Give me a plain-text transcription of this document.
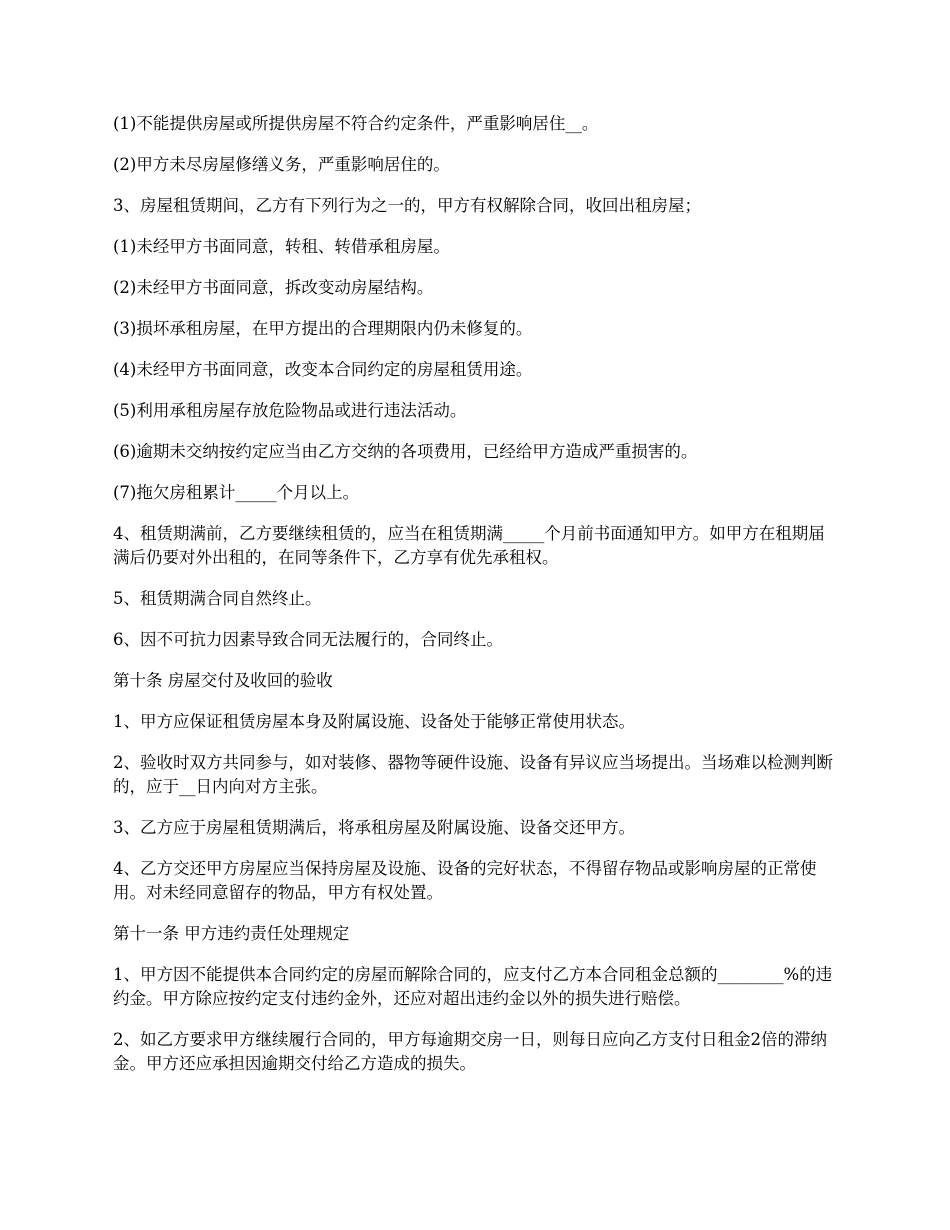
(1)不能提供房屋或所提供房屋不符合约定条件，严重影响居住__。

(2)甲方未尽房屋修缮义务，严重影响居住的。

3、房屋租赁期间，乙方有下列行为之一的，甲方有权解除合同，收回出租房屋；

(1)未经甲方书面同意，转租、转借承租房屋。

(2)未经甲方书面同意，拆改变动房屋结构。

(3)损坏承租房屋，在甲方提出的合理期限内仍未修复的。

(4)未经甲方书面同意，改变本合同约定的房屋租赁用途。

(5)利用承租房屋存放危险物品或进行违法活动。

(6)逾期未交纳按约定应当由乙方交纳的各项费用，已经给甲方造成严重损害的。

(7)拖欠房租累计_____个月以上。

4、租赁期满前，乙方要继续租赁的，应当在租赁期满_____个月前书面通知甲方。如甲方在租期届满后仍要对外出租的，在同等条件下，乙方享有优先承租权。

5、租赁期满合同自然终止。

6、因不可抗力因素导致合同无法履行的，合同终止。

第十条 房屋交付及收回的验收

1、甲方应保证租赁房屋本身及附属设施、设备处于能够正常使用状态。

2、验收时双方共同参与，如对装修、器物等硬件设施、设备有异议应当场提出。当场难以检测判断的，应于__日内向对方主张。

3、乙方应于房屋租赁期满后，将承租房屋及附属设施、设备交还甲方。

4、乙方交还甲方房屋应当保持房屋及设施、设备的完好状态，不得留存物品或影响房屋的正常使用。对未经同意留存的物品，甲方有权处置。

第十一条 甲方违约责任处理规定

1、甲方因不能提供本合同约定的房屋而解除合同的，应支付乙方本合同租金总额的________%的违约金。甲方除应按约定支付违约金外，还应对超出违约金以外的损失进行赔偿。

2、如乙方要求甲方继续履行合同的，甲方每逾期交房一日，则每日应向乙方支付日租金2倍的滞纳金。甲方还应承担因逾期交付给乙方造成的损失。
